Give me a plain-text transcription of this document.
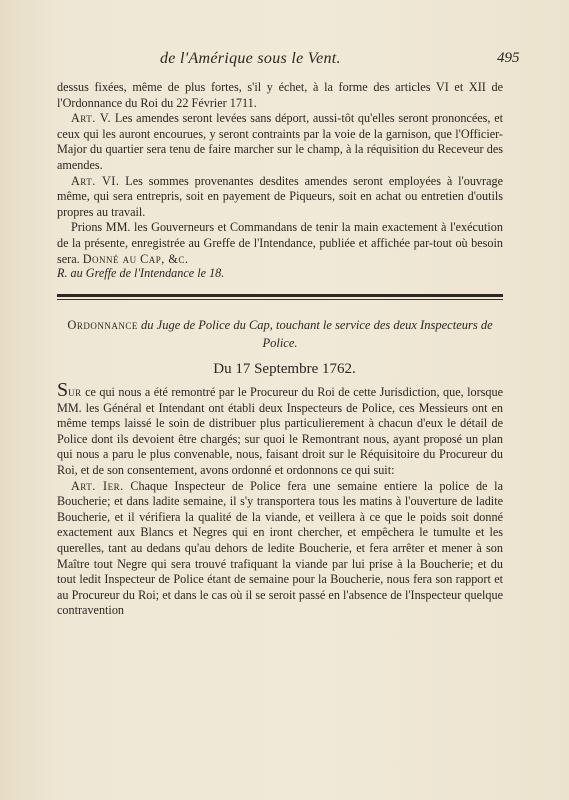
de l'Amérique sous le Vent.	495

dessus fixées, même de plus fortes, s'il y échet, à la forme des articles VI et XII de l'Ordonnance du Roi du 22 Février 1711.

Art. V. Les amendes seront levées sans déport, aussi-tôt qu'elles seront prononcées, et ceux qui les auront encourues, y seront contraints par la voie de la garnison, que l'Officier-Major du quartier sera tenu de faire marcher sur le champ, à la réquisition du Receveur des amendes.

Art. VI. Les sommes provenantes desdites amendes seront employées à l'ouvrage même, qui sera entrepris, soit en payement de Piqueurs, soit en achat ou entretien d'outils propres au travail.

Prions MM. les Gouverneurs et Commandans de tenir la main exactement à l'exécution de la présente, enregistrée au Greffe de l'Intendance, publiée et affichée par-tout où besoin sera. Donné au Cap, &c.

R. au Greffe de l'Intendance le 18.
Ordonnance du Juge de Police du Cap, touchant le service des deux Inspecteurs de Police.
Du 17 Septembre 1762.

Sur ce qui nous a été remontré par le Procureur du Roi de cette Jurisdiction, que, lorsque MM. les Général et Intendant ont établi deux Inspecteurs de Police, ces Messieurs ont en même temps laissé le soin de distribuer plus particulierement à chacun d'eux le détail de Police dont ils devoient être chargés; sur quoi le Remontrant nous, ayant proposé un plan qui nous a paru le plus convenable, nous, faisant droit sur le Réquisitoire du Procureur du Roi, et de son consentement, avons ordonné et ordonnons ce qui suit:

Art. Ier. Chaque Inspecteur de Police fera une semaine entiere la police de la Boucherie; et dans ladite semaine, il s'y transportera tous les matins à l'ouverture de ladite Boucherie, et il vérifiera la qualité de la viande, et veillera à ce que le poids soit donné exactement aux Blancs et Negres qui en iront chercher, et empêchera le tumulte et les querelles, tant au dedans qu'au dehors de ledite Boucherie, et fera arrêter et mener à son Maître tout Negre qui sera trouvé trafiquant la viande par lui prise à la Boucherie; et du tout ledit Inspecteur de Police étant de semaine pour la Boucherie, nous fera son rapport et au Procureur du Roi; et dans le cas où il se seroit passé en l'absence de l'Inspecteur quelque contravention
